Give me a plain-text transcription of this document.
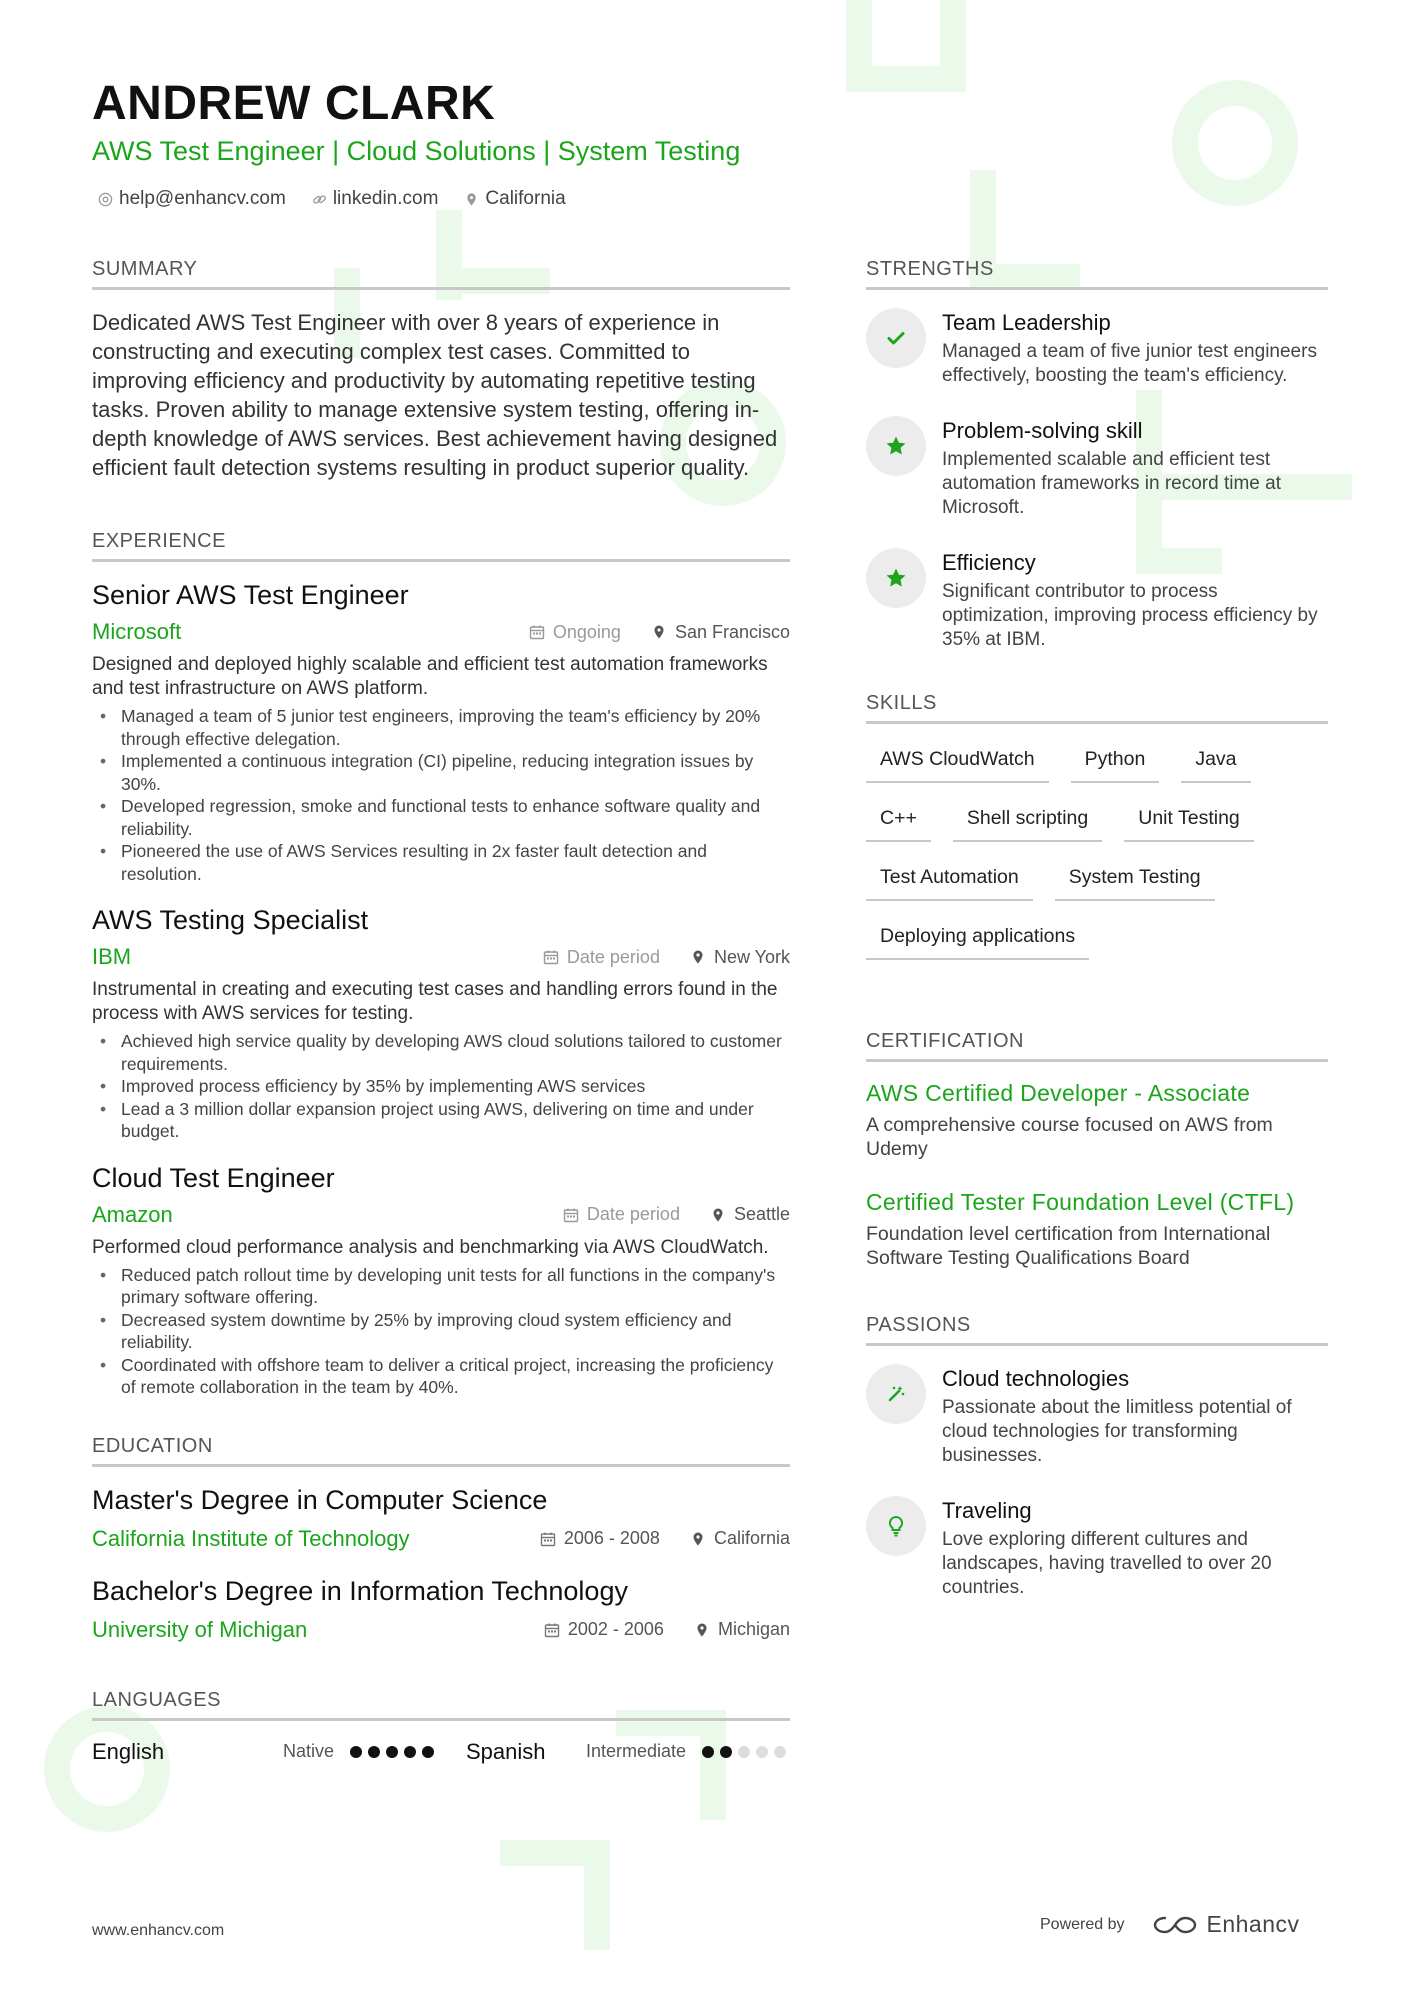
ANDREW CLARK
AWS Test Engineer | Cloud Solutions | System Testing
help@enhancv.com linkedin.com California
SUMMARY
Dedicated AWS Test Engineer with over 8 years of experience in constructing and executing complex test cases. Committed to improving efficiency and productivity by automating repetitive testing tasks. Proven ability to manage extensive system testing, offering in-depth knowledge of AWS services. Best achievement having designed efficient fault detection systems resulting in product superior quality.
EXPERIENCE
Senior AWS Test Engineer
Microsoft	Ongoing	San Francisco
Designed and deployed highly scalable and efficient test automation frameworks and test infrastructure on AWS platform.
• Managed a team of 5 junior test engineers, improving the team's efficiency by 20% through effective delegation.
• Implemented a continuous integration (CI) pipeline, reducing integration issues by 30%.
• Developed regression, smoke and functional tests to enhance software quality and reliability.
• Pioneered the use of AWS Services resulting in 2x faster fault detection and resolution.
AWS Testing Specialist
IBM	Date period	New York
Instrumental in creating and executing test cases and handling errors found in the process with AWS services for testing.
• Achieved high service quality by developing AWS cloud solutions tailored to customer requirements.
• Improved process efficiency by 35% by implementing AWS services
• Lead a 3 million dollar expansion project using AWS, delivering on time and under budget.
Cloud Test Engineer
Amazon	Date period	Seattle
Performed cloud performance analysis and benchmarking via AWS CloudWatch.
• Reduced patch rollout time by developing unit tests for all functions in the company's primary software offering.
• Decreased system downtime by 25% by improving cloud system efficiency and reliability.
• Coordinated with offshore team to deliver a critical project, increasing the proficiency of remote collaboration in the team by 40%.
EDUCATION
Master's Degree in Computer Science
California Institute of Technology	2006 - 2008	California
Bachelor's Degree in Information Technology
University of Michigan	2002 - 2006	Michigan
LANGUAGES
English	Native	Spanish	Intermediate
STRENGTHS
Team Leadership
Managed a team of five junior test engineers effectively, boosting the team's efficiency.
Problem-solving skill
Implemented scalable and efficient test automation frameworks in record time at Microsoft.
Efficiency
Significant contributor to process optimization, improving process efficiency by 35% at IBM.
SKILLS
AWS CloudWatch	Python	Java
C++	Shell scripting	Unit Testing
Test Automation	System Testing
Deploying applications
CERTIFICATION
AWS Certified Developer - Associate
A comprehensive course focused on AWS from Udemy
Certified Tester Foundation Level (CTFL)
Foundation level certification from International Software Testing Qualifications Board
PASSIONS
Cloud technologies
Passionate about the limitless potential of cloud technologies for transforming businesses.
Traveling
Love exploring different cultures and landscapes, having travelled to over 20 countries.
www.enhancv.com	Powered by	Enhancv
